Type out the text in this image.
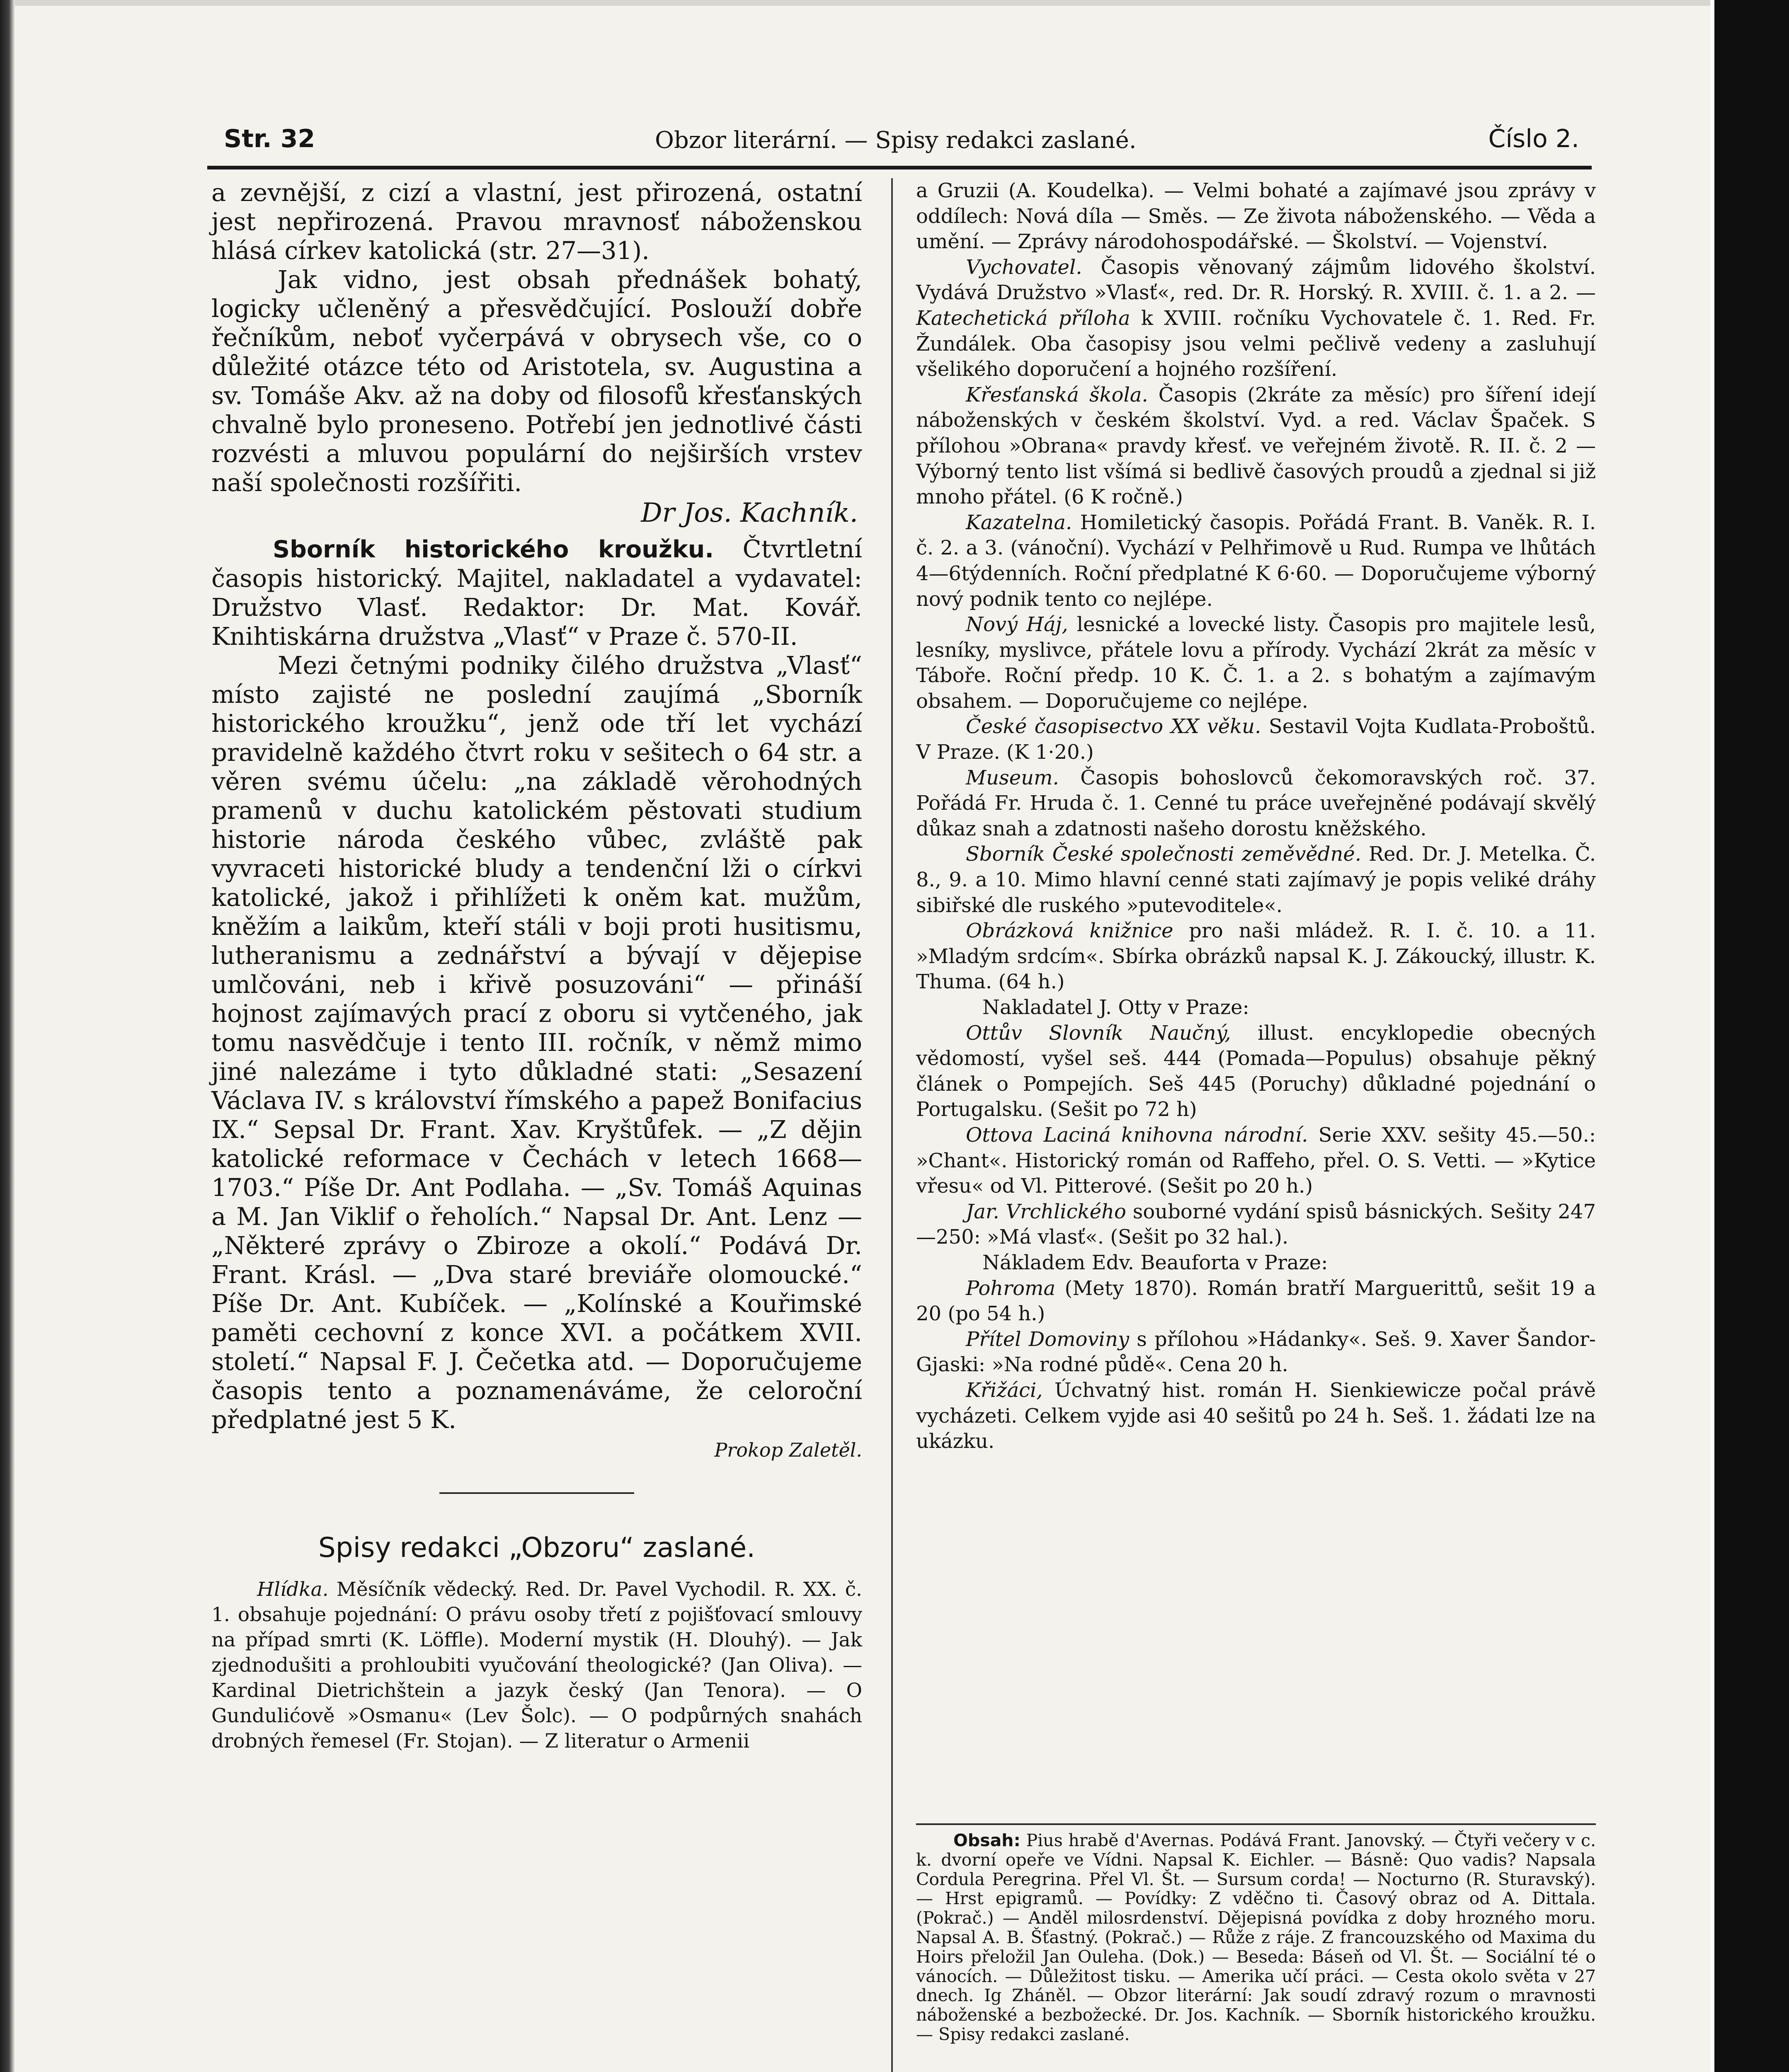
Str. 32	Obzor literární. — Spisy redakci zaslané.	Číslo 2.

a zevnější, z cizí a vlastní, jest přirozená, ostatní jest nepřirozená. Pravou mravnosť náboženskou hlásá církev katolická (str. 27—31).

Jak vidno, jest obsah přednášek bohatý, logicky učleněný a přesvědčující. Poslouží dobře řečníkům, neboť vyčerpává v obrysech vše, co o důležité otázce této od Aristotela, sv. Augustina a sv. Tomáše Akv. až na doby od filosofů křesťanských chvalně bylo proneseno. Potřebí jen jednotlivé části rozvésti a mluvou populární do nejširších vrstev naší společnosti rozšířiti.

Dr Jos. Kachník.

Sborník historického kroužku. Čtvrtletní časopis historický. Majitel, nakladatel a vydavatel: Družstvo Vlasť. Redaktor: Dr. Mat. Kovář. Knihtiskárna družstva „Vlasť“ v Praze č. 570-II.

Mezi četnými podniky čilého družstva „Vlasť“ místo zajisté ne poslední zaujímá „Sborník historického kroužku“, jenž ode tří let vychází pravidelně každého čtvrt roku v sešitech o 64 str. a věren svému účelu: „na základě věrohodných pramenů v duchu katolickém pěstovati studium historie národa českého vůbec, zvláště pak vyvraceti historické bludy a tendenční lži o církvi katolické, jakož i přihlížeti k oněm kat. mužům, kněžím a laikům, kteří stáli v boji proti husitismu, lutheranismu a zednářství a bývají v dějepise umlčováni, neb i křivě posuzováni“ — přináší hojnost zajímavých prací z oboru si vytčeného, jak tomu nasvědčuje i tento III. ročník, v němž mimo jiné nalezáme i tyto důkladné stati: „Sesazení Václava IV. s království římského a papež Bonifacius IX.“ Sepsal Dr. Frant. Xav. Kryštůfek. — „Z dějin katolické reformace v Čechách v letech 1668—1703.“ Píše Dr. Ant Podlaha. — „Sv. Tomáš Aquinas a M. Jan Viklif o řeholích.“ Napsal Dr. Ant. Lenz — „Některé zprávy o Zbiroze a okolí.“ Podává Dr. Frant. Krásl. — „Dva staré breviáře olomoucké.“ Píše Dr. Ant. Kubíček. — „Kolínské a Kouřimské paměti cechovní z konce XVI. a počátkem XVII. století.“ Napsal F. J. Čečetka atd. — Doporučujeme časopis tento a poznamenáváme, že celoroční předplatné jest 5 K.

Prokop Zaletěl.
Spisy redakci „Obzoru“ zaslané.

Hlídka. Měsíčník vědecký. Red. Dr. Pavel Vychodil. R. XX. č. 1. obsahuje pojednání: O právu osoby třetí z pojišťovací smlouvy na případ smrti (K. Löffle). Moderní mystik (H. Dlouhý). — Jak zjednodušiti a prohloubiti vyučování theologické? (Jan Oliva). — Kardinal Dietrichštein a jazyk český (Jan Tenora). — O Gundulićově »Osmanu« (Lev Šolc). — O podpůrných snahách drobných řemesel (Fr. Stojan). — Z literatur o Armenii

a Gruzii (A. Koudelka). — Velmi bohaté a zajímavé jsou zprávy v oddílech: Nová díla — Směs. — Ze života náboženského. — Věda a umění. — Zprávy národohospodářské. — Školství. — Vojenství.

Vychovatel. Časopis věnovaný zájmům lidového školství. Vydává Družstvo »Vlasť«, red. Dr. R. Horský. R. XVIII. č. 1. a 2. — Katechetická příloha k XVIII. ročníku Vychovatele č. 1. Red. Fr. Žundálek. Oba časopisy jsou velmi pečlivě vedeny a zasluhují všelikého doporučení a hojného rozšíření.

Křesťanská škola. Časopis (2kráte za měsíc) pro šíření idejí náboženských v českém školství. Vyd. a red. Václav Špaček. S přílohou »Obrana« pravdy křesť. ve veřejném životě. R. II. č. 2 — Výborný tento list všímá si bedlivě časových proudů a zjednal si již mnoho přátel. (6 K ročně.)

Kazatelna. Homiletický časopis. Pořádá Frant. B. Vaněk. R. I. č. 2. a 3. (vánoční). Vychází v Pelhřimově u Rud. Rumpa ve lhůtách 4—6týdenních. Roční předplatné K 6·60. — Doporučujeme výborný nový podnik tento co nejlépe.

Nový Háj, lesnické a lovecké listy. Časopis pro majitele lesů, lesníky, myslivce, přátele lovu a přírody. Vychází 2krát za měsíc v Táboře. Roční předp. 10 K. Č. 1. a 2. s bohatým a zajímavým obsahem. — Doporučujeme co nejlépe.

České časopisectvo XX věku. Sestavil Vojta Kudlata-Proboštů. V Praze. (K 1·20.)

Museum. Časopis bohoslovců čekomoravských roč. 37. Pořádá Fr. Hruda č. 1. Cenné tu práce uveřejněné podávají skvělý důkaz snah a zdatnosti našeho dorostu kněžského.

Sborník České společnosti zeměvědné. Red. Dr. J. Metelka. Č. 8., 9. a 10. Mimo hlavní cenné stati zajímavý je popis veliké dráhy sibiřské dle ruského »putevoditele«.

Obrázková knižnice pro naši mládež. R. I. č. 10. a 11. »Mladým srdcím«. Sbírka obrázků napsal K. J. Zákoucký, illustr. K. Thuma. (64 h.)

Nakladatel J. Otty v Praze:

Ottův Slovník Naučný, illust. encyklopedie obecných vědomostí, vyšel seš. 444 (Pomada—Populus) obsahuje pěkný článek o Pompejích. Seš 445 (Poruchy) důkladné pojednání o Portugalsku. (Sešit po 72 h)

Ottova Laciná knihovna národní. Serie XXV. sešity 45.—50.: »Chant«. Historický román od Raffeho, přel. O. S. Vetti. — »Kytice vřesu« od Vl. Pitterové. (Sešit po 20 h.)

Jar. Vrchlického souborné vydání spisů básnických. Sešity 247—250: »Má vlasť«. (Sešit po 32 hal.).

Nákladem Edv. Beauforta v Praze:

Pohroma (Mety 1870). Román bratří Marguerittů, sešit 19 a 20 (po 54 h.)

Přítel Domoviny s přílohou »Hádanky«. Seš. 9. Xaver Šandor-Gjaski: »Na rodné půdě«. Cena 20 h.

Křižáci, Úchvatný hist. román H. Sienkiewicze počal právě vycházeti. Celkem vyjde asi 40 sešitů po 24 h. Seš. 1. žádati lze na ukázku.

Obsah: Pius hrabě d'Avernas. Podává Frant. Janovský. — Čtyři večery v c. k. dvorní opeře ve Vídni. Napsal K. Eichler. — Básně: Quo vadis? Napsala Cordula Peregrina. Přel Vl. Št. — Sursum corda! — Nocturno (R. Sturavský). — Hrst epigramů. — Povídky: Z vděčno ti. Časový obraz od A. Dittala. (Pokrač.) — Anděl milosrdenství. Dějepisná povídka z doby hrozného moru. Napsal A. B. Šťastný. (Pokrač.) — Růže z ráje. Z francouzského od Maxima du Hoirs přeložil Jan Ouleha. (Dok.) — Beseda: Báseň od Vl. Št. — Sociální té o vánocích. — Důležitost tisku. — Amerika učí práci. — Cesta okolo světa v 27 dnech. Ig Zháněl. — Obzor literární: Jak soudí zdravý rozum o mravnosti náboženské a bezbožecké. Dr. Jos. Kachník. — Sborník historického kroužku. — Spisy redakci zaslané.
